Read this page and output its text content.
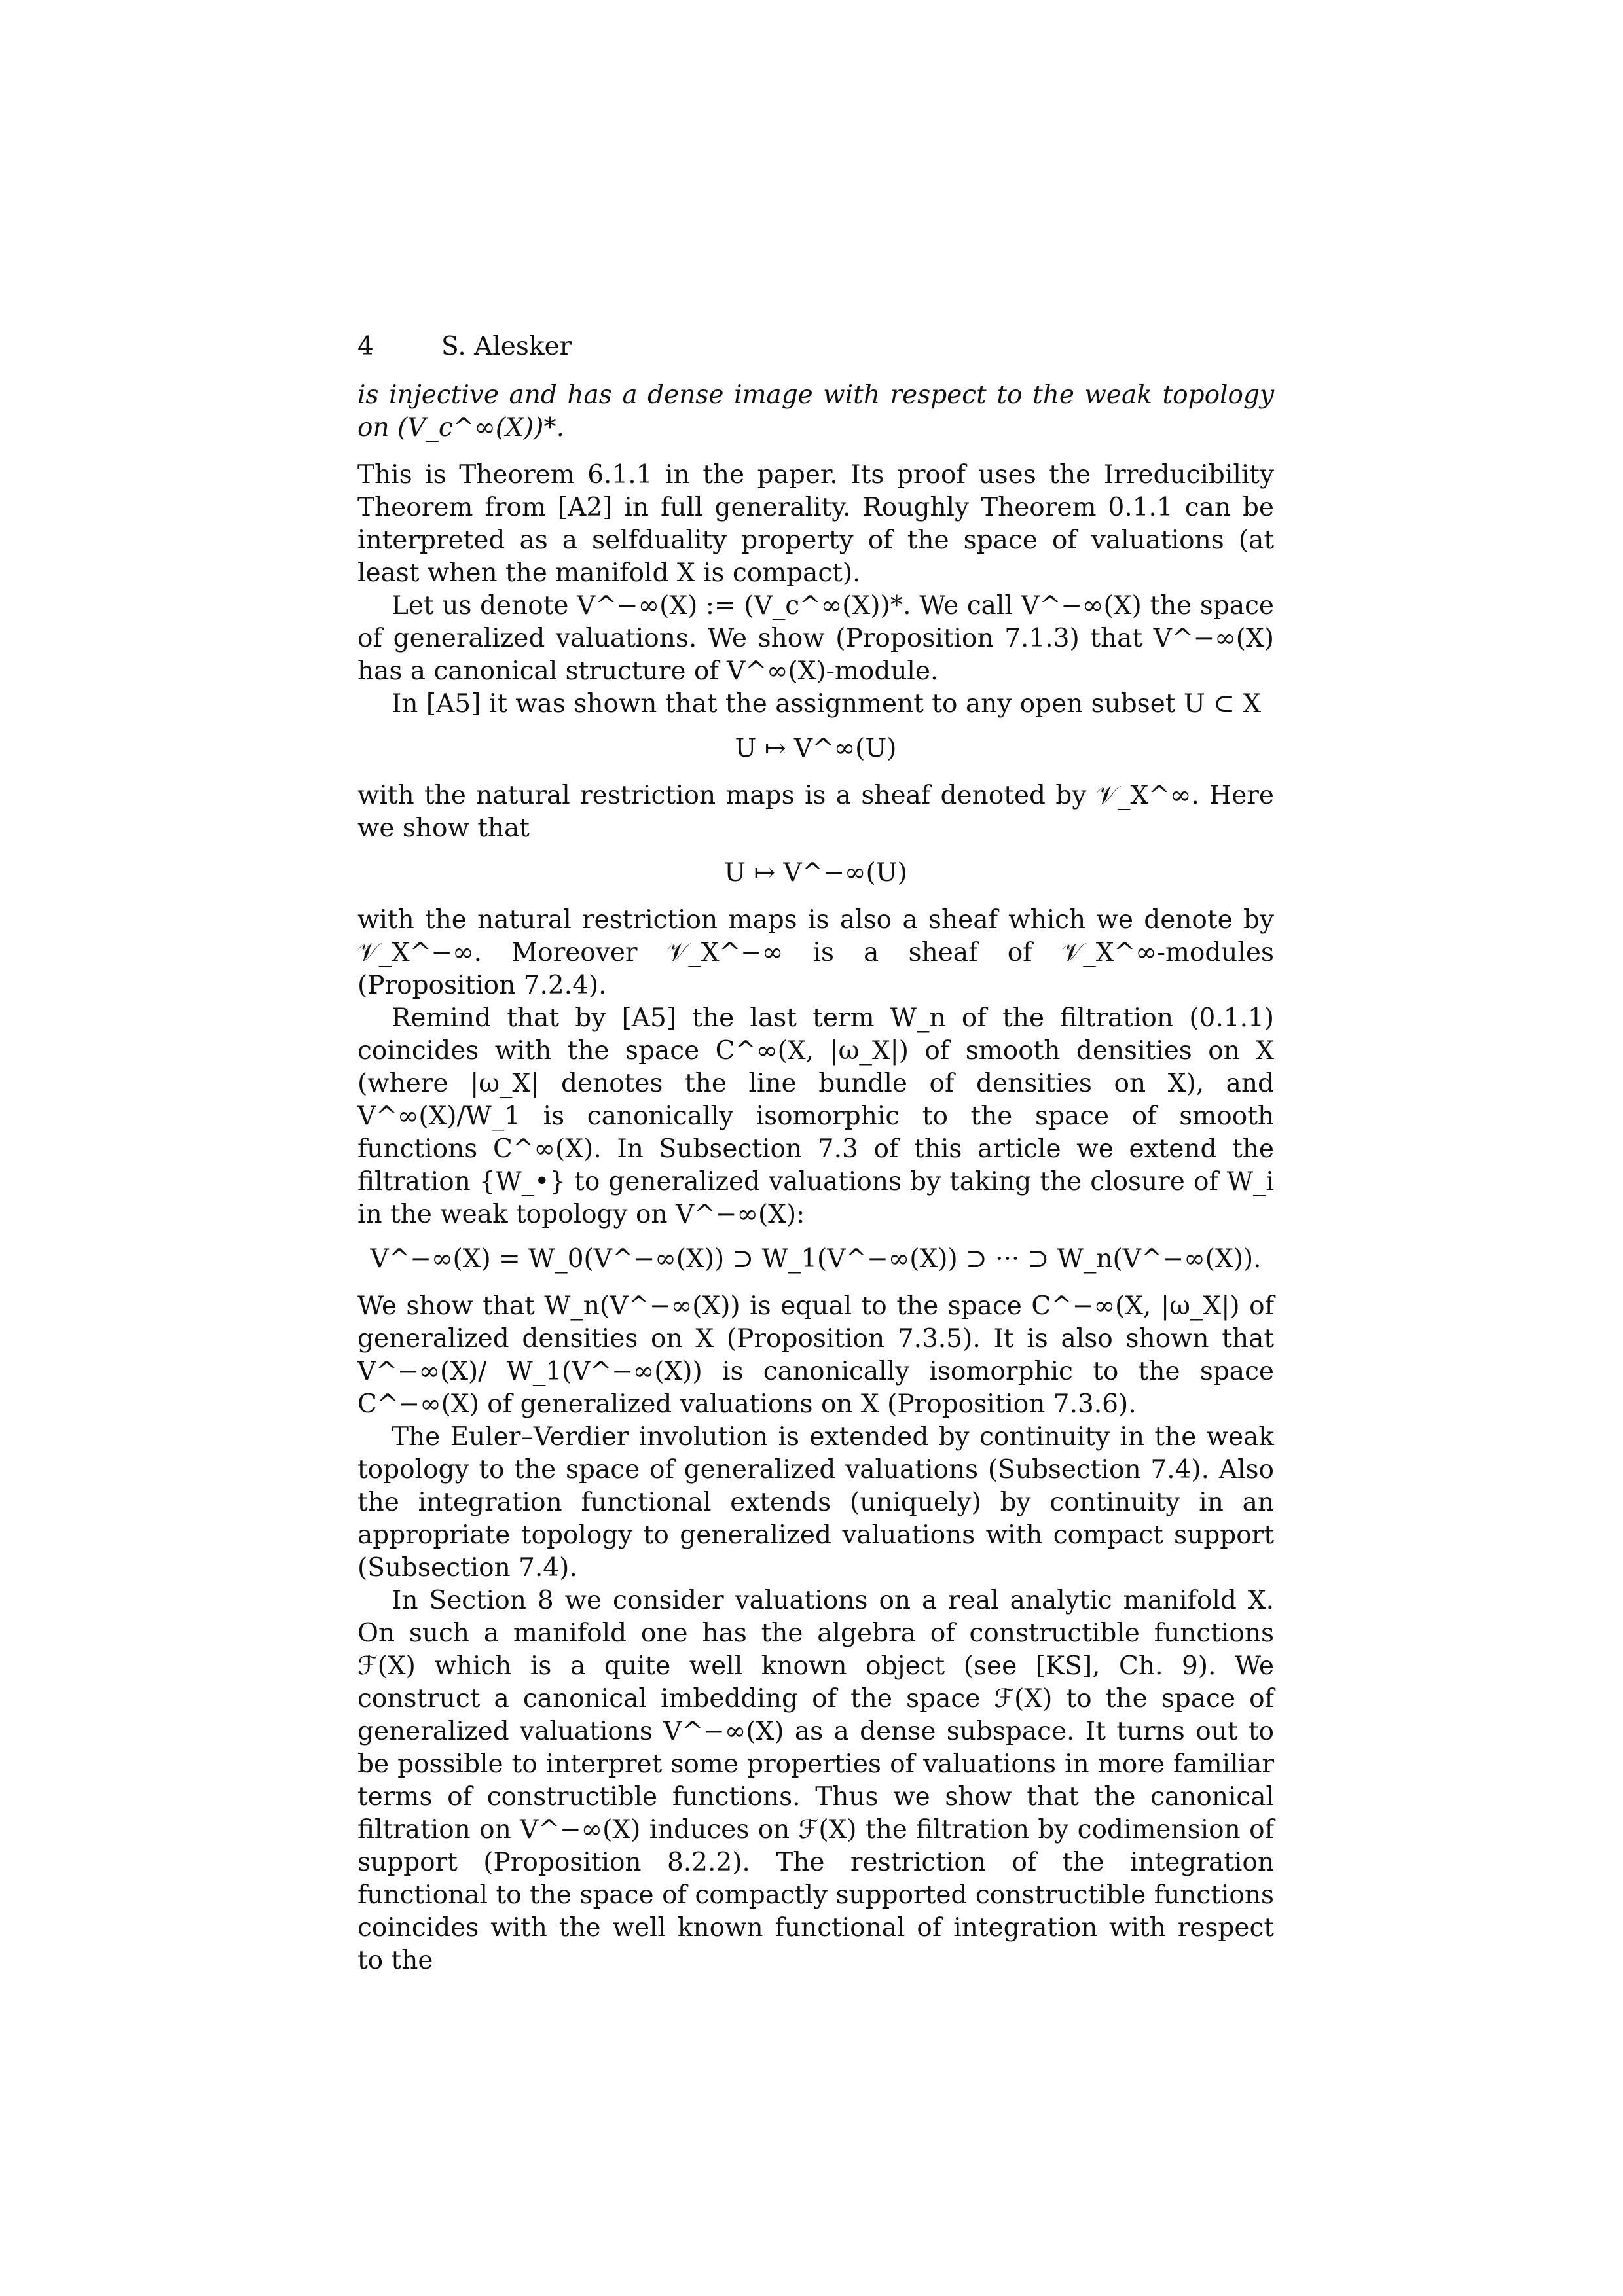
4	S. Alesker

is injective and has a dense image with respect to the weak topology on (V_c^∞(X))*.

This is Theorem 6.1.1 in the paper. Its proof uses the Irreducibility Theorem from [A2] in full generality. Roughly Theorem 0.1.1 can be interpreted as a selfduality property of the space of valuations (at least when the manifold X is compact).

Let us denote V^−∞(X) := (V_c^∞(X))*. We call V^−∞(X) the space of generalized valuations. We show (Proposition 7.1.3) that V^−∞(X) has a canonical structure of V^∞(X)-module.

In [A5] it was shown that the assignment to any open subset U ⊂ X

U ↦ V^∞(U)

with the natural restriction maps is a sheaf denoted by 𝒱_X^∞. Here we show that

U ↦ V^−∞(U)

with the natural restriction maps is also a sheaf which we denote by 𝒱_X^−∞. Moreover 𝒱_X^−∞ is a sheaf of 𝒱_X^∞-modules (Proposition 7.2.4).

Remind that by [A5] the last term W_n of the filtration (0.1.1) coincides with the space C^∞(X, |ω_X|) of smooth densities on X (where |ω_X| denotes the line bundle of densities on X), and V^∞(X)/W_1 is canonically isomorphic to the space of smooth functions C^∞(X). In Subsection 7.3 of this article we extend the filtration {W_•} to generalized valuations by taking the closure of W_i in the weak topology on V^−∞(X):

V^−∞(X) = W_0(V^−∞(X)) ⊃ W_1(V^−∞(X)) ⊃ ··· ⊃ W_n(V^−∞(X)).

We show that W_n(V^−∞(X)) is equal to the space C^−∞(X, |ω_X|) of generalized densities on X (Proposition 7.3.5). It is also shown that V^−∞(X)/ W_1(V^−∞(X)) is canonically isomorphic to the space C^−∞(X) of generalized valuations on X (Proposition 7.3.6).

The Euler–Verdier involution is extended by continuity in the weak topology to the space of generalized valuations (Subsection 7.4). Also the integration functional extends (uniquely) by continuity in an appropriate topology to generalized valuations with compact support (Subsection 7.4).

In Section 8 we consider valuations on a real analytic manifold X. On such a manifold one has the algebra of constructible functions ℱ(X) which is a quite well known object (see [KS], Ch. 9). We construct a canonical imbedding of the space ℱ(X) to the space of generalized valuations V^−∞(X) as a dense subspace. It turns out to be possible to interpret some properties of valuations in more familiar terms of constructible functions. Thus we show that the canonical filtration on V^−∞(X) induces on ℱ(X) the filtration by codimension of support (Proposition 8.2.2). The restriction of the integration functional to the space of compactly supported constructible functions coincides with the well known functional of integration with respect to the
